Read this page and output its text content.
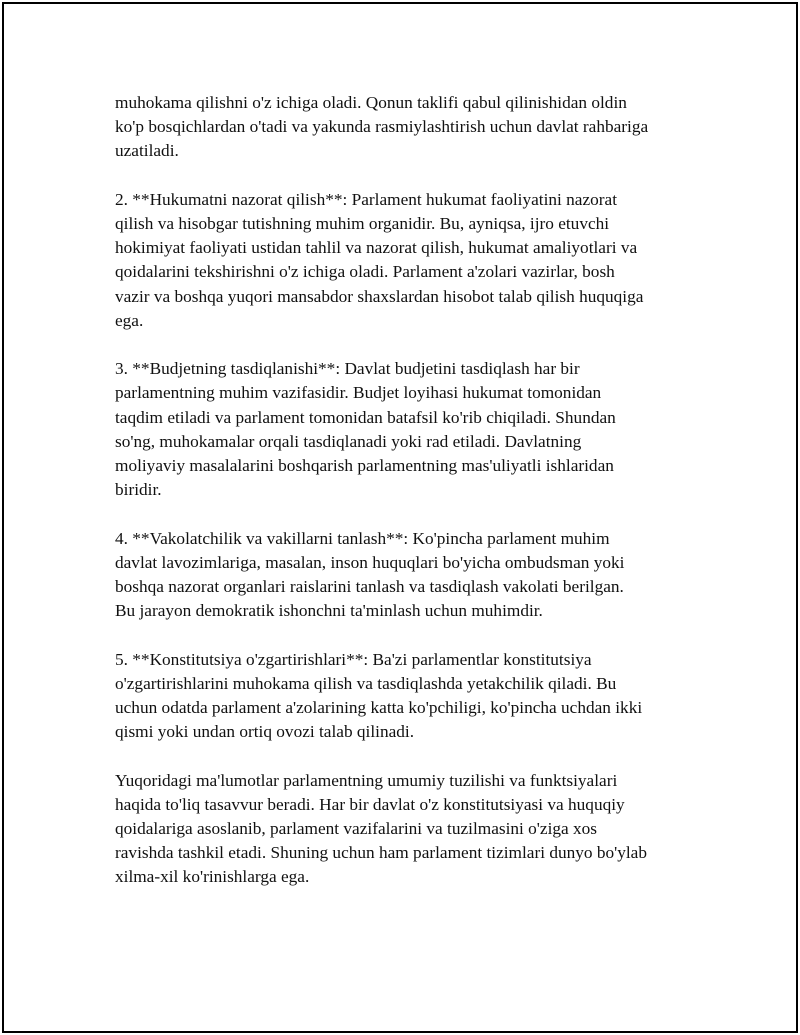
muhokama qilishni o'z ichiga oladi. Qonun taklifi qabul qilinishidan oldin
ko'p bosqichlardan o'tadi va yakunda rasmiylashtirish uchun davlat rahbariga
uzatiladi.

2. **Hukumatni nazorat qilish**: Parlament hukumat faoliyatini nazorat
qilish va hisobgar tutishning muhim organidir. Bu, ayniqsa, ijro etuvchi
hokimiyat faoliyati ustidan tahlil va nazorat qilish, hukumat amaliyotlari va
qoidalarini tekshirishni o'z ichiga oladi. Parlament a'zolari vazirlar, bosh
vazir va boshqa yuqori mansabdor shaxslardan hisobot talab qilish huquqiga
ega.

3. **Budjetning tasdiqlanishi**: Davlat budjetini tasdiqlash har bir
parlamentning muhim vazifasidir. Budjet loyihasi hukumat tomonidan
taqdim etiladi va parlament tomonidan batafsil ko'rib chiqiladi. Shundan
so'ng, muhokamalar orqali tasdiqlanadi yoki rad etiladi. Davlatning
moliyaviy masalalarini boshqarish parlamentning mas'uliyatli ishlaridan
biridir.

4. **Vakolatchilik va vakillarni tanlash**: Ko'pincha parlament muhim
davlat lavozimlariga, masalan, inson huquqlari bo'yicha ombudsman yoki
boshqa nazorat organlari raislarini tanlash va tasdiqlash vakolati berilgan.
Bu jarayon demokratik ishonchni ta'minlash uchun muhimdir.

5. **Konstitutsiya o'zgartirishlari**: Ba'zi parlamentlar konstitutsiya
o'zgartirishlarini muhokama qilish va tasdiqlashda yetakchilik qiladi. Bu
uchun odatda parlament a'zolarining katta ko'pchiligi, ko'pincha uchdan ikki
qismi yoki undan ortiq ovozi talab qilinadi.

Yuqoridagi ma'lumotlar parlamentning umumiy tuzilishi va funktsiyalari
haqida to'liq tasavvur beradi. Har bir davlat o'z konstitutsiyasi va huquqiy
qoidalariga asoslanib, parlament vazifalarini va tuzilmasini o'ziga xos
ravishda tashkil etadi. Shuning uchun ham parlament tizimlari dunyo bo'ylab
xilma-xil ko'rinishlarga ega.
